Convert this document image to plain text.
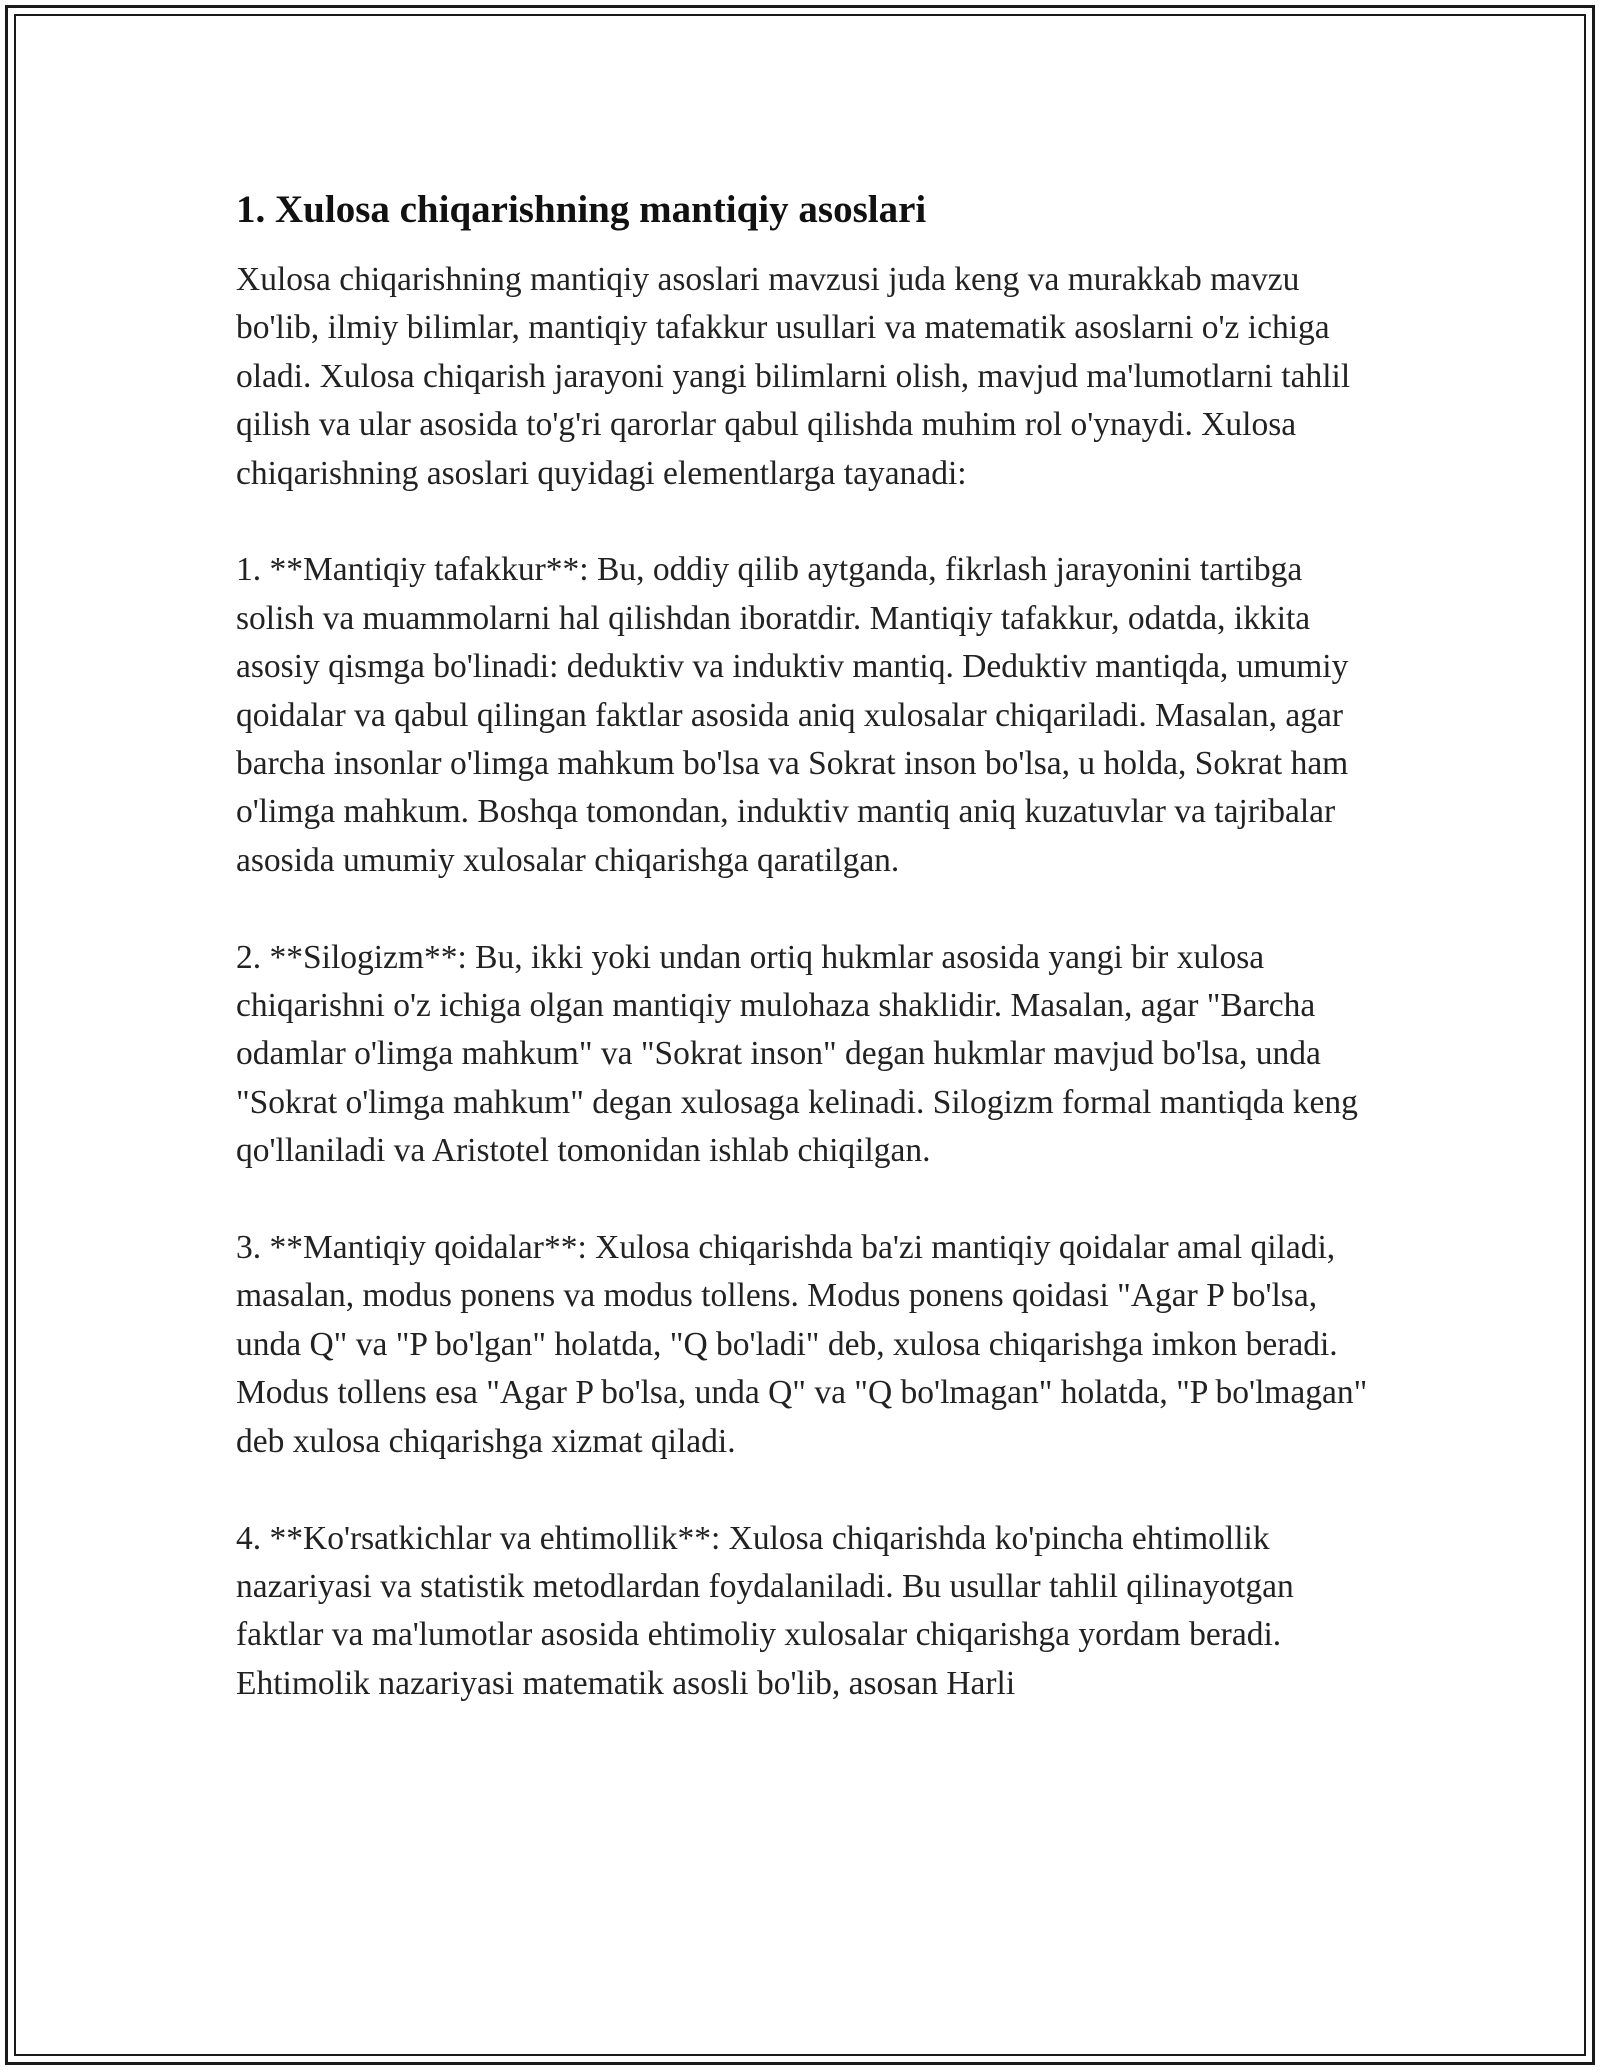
1. Xulosa chiqarishning mantiqiy asoslari

Xulosa chiqarishning mantiqiy asoslari mavzusi juda keng va murakkab mavzu bo'lib, ilmiy bilimlar, mantiqiy tafakkur usullari va matematik asoslarni o'z ichiga oladi. Xulosa chiqarish jarayoni yangi bilimlarni olish, mavjud ma'lumotlarni tahlil qilish va ular asosida to'g'ri qarorlar qabul qilishda muhim rol o'ynaydi. Xulosa chiqarishning asoslari quyidagi elementlarga tayanadi:

1. **Mantiqiy tafakkur**: Bu, oddiy qilib aytganda, fikrlash jarayonini tartibga solish va muammolarni hal qilishdan iboratdir. Mantiqiy tafakkur, odatda, ikkita asosiy qismga bo'linadi: deduktiv va induktiv mantiq. Deduktiv mantiqda, umumiy qoidalar va qabul qilingan faktlar asosida aniq xulosalar chiqariladi. Masalan, agar barcha insonlar o'limga mahkum bo'lsa va Sokrat inson bo'lsa, u holda, Sokrat ham o'limga mahkum. Boshqa tomondan, induktiv mantiq aniq kuzatuvlar va tajribalar asosida umumiy xulosalar chiqarishga qaratilgan.

2. **Silogizm**: Bu, ikki yoki undan ortiq hukmlar asosida yangi bir xulosa chiqarishni o'z ichiga olgan mantiqiy mulohaza shaklidir. Masalan, agar "Barcha odamlar o'limga mahkum" va "Sokrat inson" degan hukmlar mavjud bo'lsa, unda "Sokrat o'limga mahkum" degan xulosaga kelinadi. Silogizm formal mantiqda keng qo'llaniladi va Aristotel tomonidan ishlab chiqilgan.

3. **Mantiqiy qoidalar**: Xulosa chiqarishda ba'zi mantiqiy qoidalar amal qiladi, masalan, modus ponens va modus tollens. Modus ponens qoidasi "Agar P bo'lsa, unda Q" va "P bo'lgan" holatda, "Q bo'ladi" deb, xulosa chiqarishga imkon beradi. Modus tollens esa "Agar P bo'lsa, unda Q" va "Q bo'lmagan" holatda, "P bo'lmagan" deb xulosa chiqarishga xizmat qiladi.

4. **Ko'rsatkichlar va ehtimollik**: Xulosa chiqarishda ko'pincha ehtimollik nazariyasi va statistik metodlardan foydalaniladi. Bu usullar tahlil qilinayotgan faktlar va ma'lumotlar asosida ehtimoliy xulosalar chiqarishga yordam beradi. Ehtimolik nazariyasi matematik asosli bo'lib, asosan Harli
